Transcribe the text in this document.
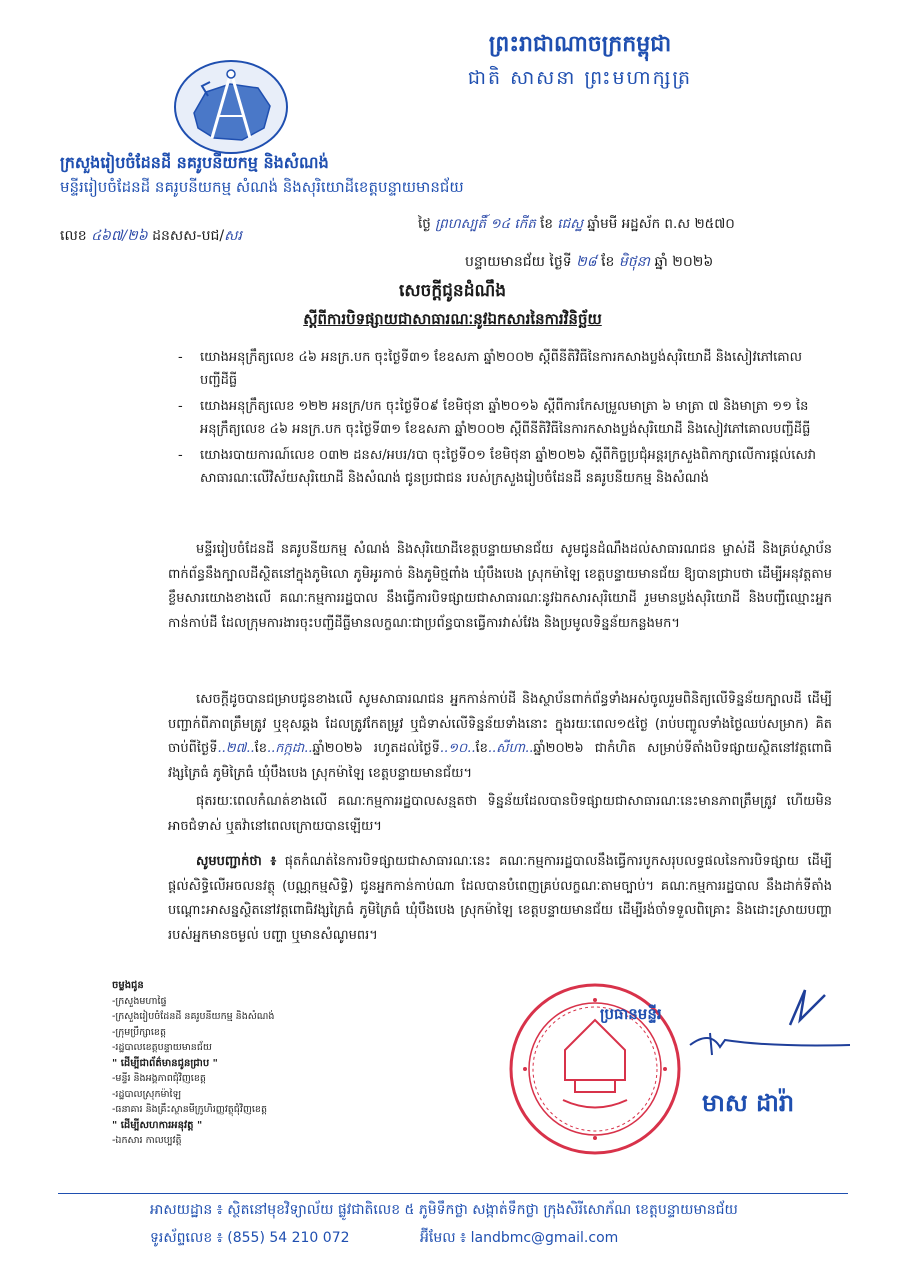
ព្រះរាជាណាចក្រកម្ពុជា
ជាតិ សាសនា ព្រះមហាក្សត្រ
ក្រសួងរៀបចំដែនដី នគរូបនីយកម្ម និងសំណង់
មន្ទីររៀបចំដែនដី នគរូបនីយកម្ម សំណង់ និងសុរិយោដីខេត្តបន្ទាយមានជ័យ
លេខ ៤៦៧/២៦ ដនសស-បជ/សរ
ថ្ងៃ ព្រហស្បតិ៍ ១៤ កើត ខែ ជេស្ឋ ឆ្នាំមមី អដ្ឋស័ក ព.ស ២៥៧០
បន្ទាយមានជ័យ ថ្ងៃទី ២៨ ខែ មិថុនា ឆ្នាំ ២០២៦
សេចក្ដីជូនដំណឹង
ស្ដីពីការបិទផ្សាយជាសាធារណៈនូវឯកសារនៃការវិនិច្ឆ័យ
- យោងអនុក្រឹត្យលេខ ៤៦ អនក្រ.បក ចុះថ្ងៃទី៣១ ខែឧសភា ឆ្នាំ២០០២ ស្ដីពីនីតិវិធីនៃការកសាងប្លង់សុរិយោដី និងសៀវភៅគោលបញ្ជីដីធ្លី
- យោងអនុក្រឹត្យលេខ ១២២ អនក្រ/បក ចុះថ្ងៃទី០៩ ខែមិថុនា ឆ្នាំ២០១៦ ស្ដីពីការកែសម្រួលមាត្រា ៦ មាត្រា ៧ និងមាត្រា ១១ នៃអនុក្រឹត្យលេខ ៤៦ អនក្រ.បក ចុះថ្ងៃទី៣១ ខែឧសភា ឆ្នាំ២០០២ ស្ដីពីនីតិវិធីនៃការកសាងប្លង់សុរិយោដី និងសៀវភៅគោលបញ្ជីដីធ្លី
- យោងរបាយការណ៍លេខ ០៣២ ដនស/អបរ/របា ចុះថ្ងៃទី០១ ខែមិថុនា ឆ្នាំ២០២៦ ស្ដីពីកិច្ចប្រជុំអន្តរក្រសួងពិភាក្សាលើការផ្ដល់សេវាសាធារណៈលើវិស័យសុរិយោដី និងសំណង់ ជូនប្រជាជន របស់ក្រសួងរៀបចំដែនដី នគរូបនីយកម្ម និងសំណង់

មន្ទីររៀបចំដែនដី នគរូបនីយកម្ម សំណង់ និងសុរិយោដីខេត្តបន្ទាយមានជ័យ សូមជូនដំណឹងដល់សាធារណជន ម្ចាស់ដី និងគ្រប់ស្ថាប័ន ពាក់ព័ន្ធនឹងក្បាលដីស្ថិតនៅក្នុងភូមិលោ ភូមិអូរកាច់ និងភូមិថ្មពាំង ឃុំបឹងបេង ស្រុកម៉ាឡៃ ខេត្តបន្ទាយមានជ័យ ឱ្យបានជ្រាបថា ដើម្បីអនុវត្តតាមខ្លឹមសារយោងខាងលើ គណៈកម្មការរដ្ឋបាល នឹងធ្វើការបិទផ្សាយជាសាធារណៈនូវឯកសារសុរិយោដី រួមមានប្លង់សុរិយោដី និងបញ្ជីឈ្មោះអ្នកកាន់កាប់ដី ដែលក្រុមការងារចុះបញ្ជីដីធ្លីមានលក្ខណៈជាប្រព័ន្ធបានធ្វើការវាស់វែង និងប្រមូលទិន្នន័យកន្លងមក។

សេចក្ដីដូចបានជម្រាបជូនខាងលើ សូមសាធារណជន អ្នកកាន់កាប់ដី និងស្ថាប័នពាក់ព័ន្ធទាំងអស់ចូលរួមពិនិត្យលើទិន្នន័យក្បាលដី ដើម្បីបញ្ជាក់ពីភាពត្រឹមត្រូវ ឬខុសឆ្គង ដែលត្រូវកែតម្រូវ ឬជំទាស់លើទិន្នន័យទាំងនោះ ក្នុងរយៈពេល១៥ថ្ងៃ (រាប់បញ្ចូលទាំងថ្ងៃឈប់សម្រាក) គិតចាប់ពីថ្ងៃទី..២៧..ខែ..កក្កដា..ឆ្នាំ២០២៦ រហូតដល់ថ្ងៃទី..១០..ខែ..សីហា..ឆ្នាំ២០២៦ ជាកំហិត សម្រាប់ទីតាំងបិទផ្សាយស្ថិតនៅវត្តពោធិវង្សភ្រៃធំ ភូមិភ្រៃធំ ឃុំបឹងបេង ស្រុកម៉ាឡៃ ខេត្តបន្ទាយមានជ័យ។

ផុតរយៈពេលកំណត់ខាងលើ គណៈកម្មការរដ្ឋបាលសន្មតថា ទិន្នន័យដែលបានបិទផ្សាយជាសាធារណៈនេះមានភាពត្រឹមត្រូវ ហើយមិនអាចជំទាស់ ឬតវ៉ានៅពេលក្រោយបានឡើយ។

សូមបញ្ជាក់ថា ៖ ផុតកំណត់នៃការបិទផ្សាយជាសាធារណៈនេះ គណៈកម្មការរដ្ឋបាលនឹងធ្វើការបូកសរុបលទ្ធផលនៃការបិទផ្សាយ ដើម្បីផ្ដល់សិទ្ធិលើអចលនវត្ថុ (បណ្ណកម្មសិទ្ធិ) ជូនអ្នកកាន់កាប់ណា ដែលបានបំពេញគ្រប់លក្ខណៈតាមច្បាប់។ គណៈកម្មការរដ្ឋបាល នឹងដាក់ទីតាំងបណ្ដោះអាសន្នស្ថិតនៅវត្តពោធិវង្សភ្រៃធំ ភូមិភ្រៃធំ ឃុំបឹងបេង ស្រុកម៉ាឡៃ ខេត្តបន្ទាយមានជ័យ ដើម្បីរង់ចាំទទួលពិគ្រោះ និងដោះស្រាយបញ្ហារបស់អ្នកមានចម្ងល់ បញ្ហា ឬមានសំណូមពរ។

ចម្លងជូន
-ក្រសួងមហាផ្ទៃ
-ក្រសួងរៀបចំដែនដី នគរូបនីយកម្ម និងសំណង់
-ក្រុមប្រឹក្សាខេត្ត
-រដ្ឋបាលខេត្តបន្ទាយមានជ័យ
" ដើម្បីជាព័ត៌មានជូនជ្រាប "
-មន្ទីរ និងអង្គភាពជុំវិញខេត្ត
-រដ្ឋបាលស្រុកម៉ាឡៃ
-ធនាគារ និងគ្រឹះស្ថានមីក្រូហិរញ្ញវត្ថុជុំវិញខេត្ត
" ដើម្បីសហការអនុវត្ត "
-ឯកសារ កាលប្បវត្តិ
ប្រធានមន្ទីរ
មាស ដារ៉ា
អាសយដ្ឋាន ៖ ស្ថិតនៅមុខវិទ្យាល័យ ផ្លូវជាតិលេខ ៥ ភូមិទឹកថ្លា សង្កាត់ទឹកថ្លា ក្រុងសិរីសោភ័ណ ខេត្តបន្ទាយមានជ័យ
ទូរស័ព្ទលេខ ៖ (855) 54 210 072	អ៊ីមែល ៖ landbmc@gmail.com
